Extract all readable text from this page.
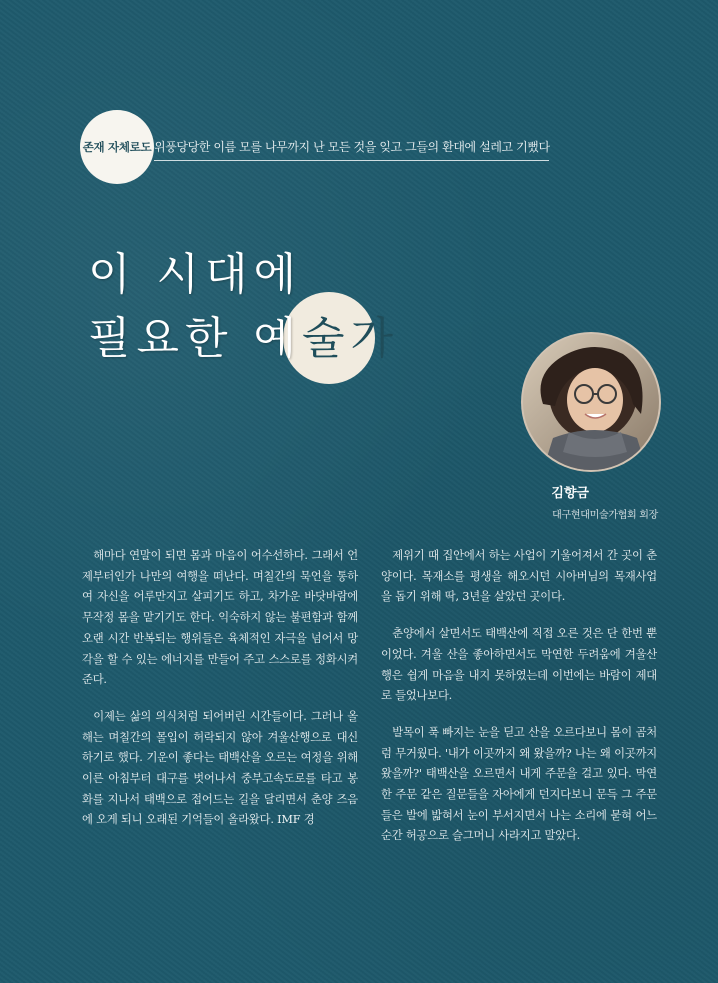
존재 자체로도 위풍당당한 이름 모를 나무까지 난 모든 것을 잊고 그들의 환대에 설레고 기뻤다
이 시대에
필요한 예술가
김향금
대구현대미술가협회 회장

해마다 연말이 되면 몸과 마음이 어수선하다. 그래서 언제부터인가 나만의 여행을 떠난다. 며칠간의 묵언을 통하여 자신을 어루만지고 살피기도 하고, 차가운 바닷바람에 무작정 몸을 맡기기도 한다. 익숙하지 않는 불편함과 함께 오랜 시간 반복되는 행위들은 육체적인 자극을 넘어서 망각을 할 수 있는 에너지를 만들어 주고 스스로를 정화시켜 준다.

이제는 삶의 의식처럼 되어버린 시간들이다. 그러나 올해는 며칠간의 몰입이 허락되지 않아 겨울산행으로 대신하기로 했다. 기운이 좋다는 태백산을 오르는 여정을 위해 이른 아침부터 대구를 벗어나서 중부고속도로를 타고 봉화를 지나서 태백으로 접어드는 길을 달리면서 춘양 즈음에 오게 되니 오래된 기억들이 올라왔다. IMF 경

제위기 때 집안에서 하는 사업이 기울어져서 간 곳이 춘양이다. 목재소를 평생을 해오시던 시아버님의 목재사업을 돕기 위해 딱, 3년을 살았던 곳이다.

춘양에서 살면서도 태백산에 직접 오른 것은 단 한번 뿐이었다. 겨울 산을 좋아하면서도 막연한 두려움에 겨울산행은 쉽게 마음을 내지 못하였는데 이번에는 바람이 제대로 들었나보다.

발목이 푹 빠지는 눈을 딛고 산을 오르다보니 몸이 곰처럼 무거웠다. '내가 이곳까지 왜 왔을까? 나는 왜 이곳까지 왔을까?' 태백산을 오르면서 내게 주문을 걸고 있다. 막연한 주문 같은 질문들을 자아에게 던지다보니 문득 그 주문들은 발에 밟혀서 눈이 부서지면서 나는 소리에 묻혀 어느 순간 허공으로 슬그머니 사라지고 말았다.
